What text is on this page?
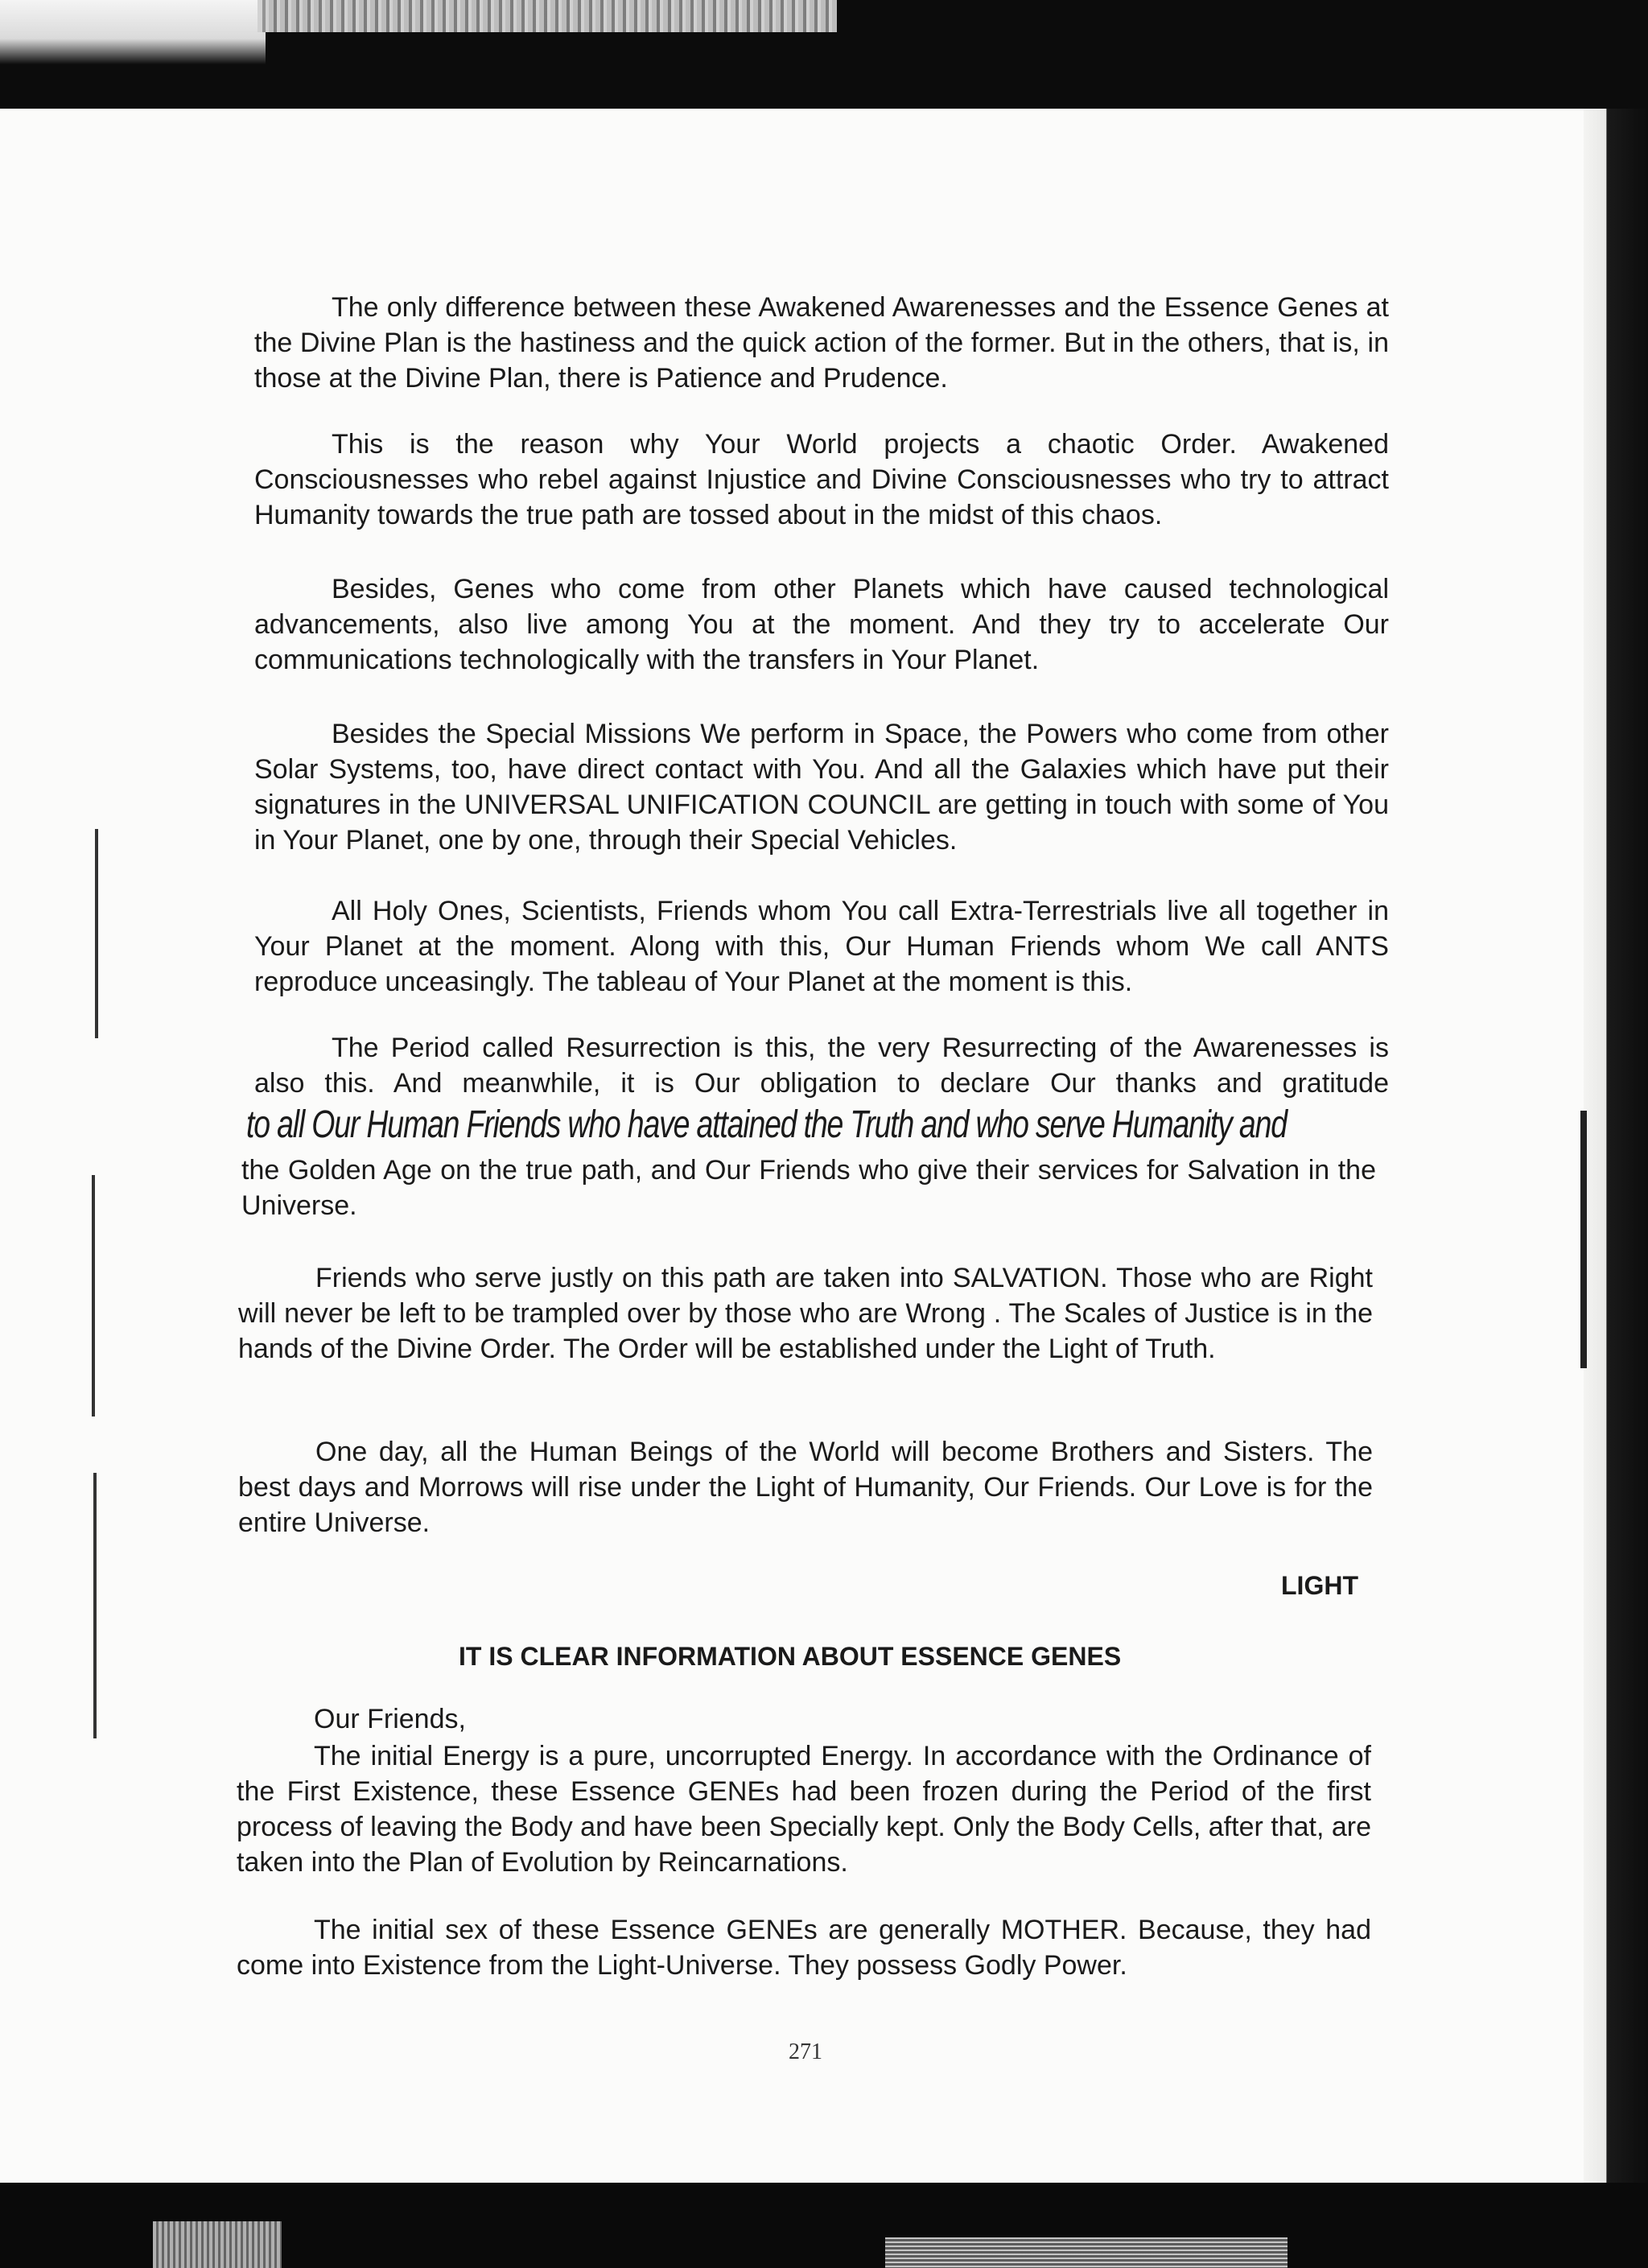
The only difference between these Awakened Awarenesses and the Essence Genes at the Divine Plan is the hastiness and the quick action of the former. But in the others, that is, in those at the Divine Plan, there is Patience and Prudence.

This is the reason why Your World projects a chaotic Order. Awakened Consciousnesses who rebel against Injustice and Divine Consciousnesses who try to attract Humanity towards the true path are tossed about in the midst of this chaos.

Besides, Genes who come from other Planets which have caused technological advancements, also live among You at the moment. And they try to accelerate Our communications technologically with the transfers in Your Planet.

Besides the Special Missions We perform in Space, the Powers who come from other Solar Systems, too, have direct contact with You. And all the Galaxies which have put their signatures in the UNIVERSAL UNIFICATION COUNCIL are getting in touch with some of You in Your Planet, one by one, through their Special Vehicles.

All Holy Ones, Scientists, Friends whom You call Extra-Terrestrials live all together in Your Planet at the moment. Along with this, Our Human Friends whom We call ANTS reproduce unceasingly. The tableau of Your Planet at the moment is this.

The Period called Resurrection is this, the very Resurrecting of the Awarenesses is also this. And meanwhile, it is Our obligation to declare Our thanks and gratitude

to all Our Human Friends who have attained the Truth and who serve Humanity and

the Golden Age on the true path, and Our Friends who give their services for Salvation in the Universe.

Friends who serve justly on this path are taken into SALVATION. Those who are Right will never be left to be trampled over by those who are Wrong . The Scales of Justice is in the hands of the Divine Order. The Order will be established under the Light of Truth.

One day, all the Human Beings of the World will become Brothers and Sisters. The best days and Morrows will rise under the Light of Humanity, Our Friends. Our Love is for the entire Universe.

LIGHT

IT IS CLEAR INFORMATION ABOUT ESSENCE GENES

Our Friends,

The initial Energy is a pure, uncorrupted Energy. In accordance with the Ordinance of the First Existence, these Essence GENEs had been frozen during the Period of the first process of leaving the Body and have been Specially kept. Only the Body Cells, after that, are taken into the Plan of Evolution by Reincarnations.

The initial sex of these Essence GENEs are generally MOTHER. Because, they had come into Existence from the Light-Universe. They possess Godly Power.

271
